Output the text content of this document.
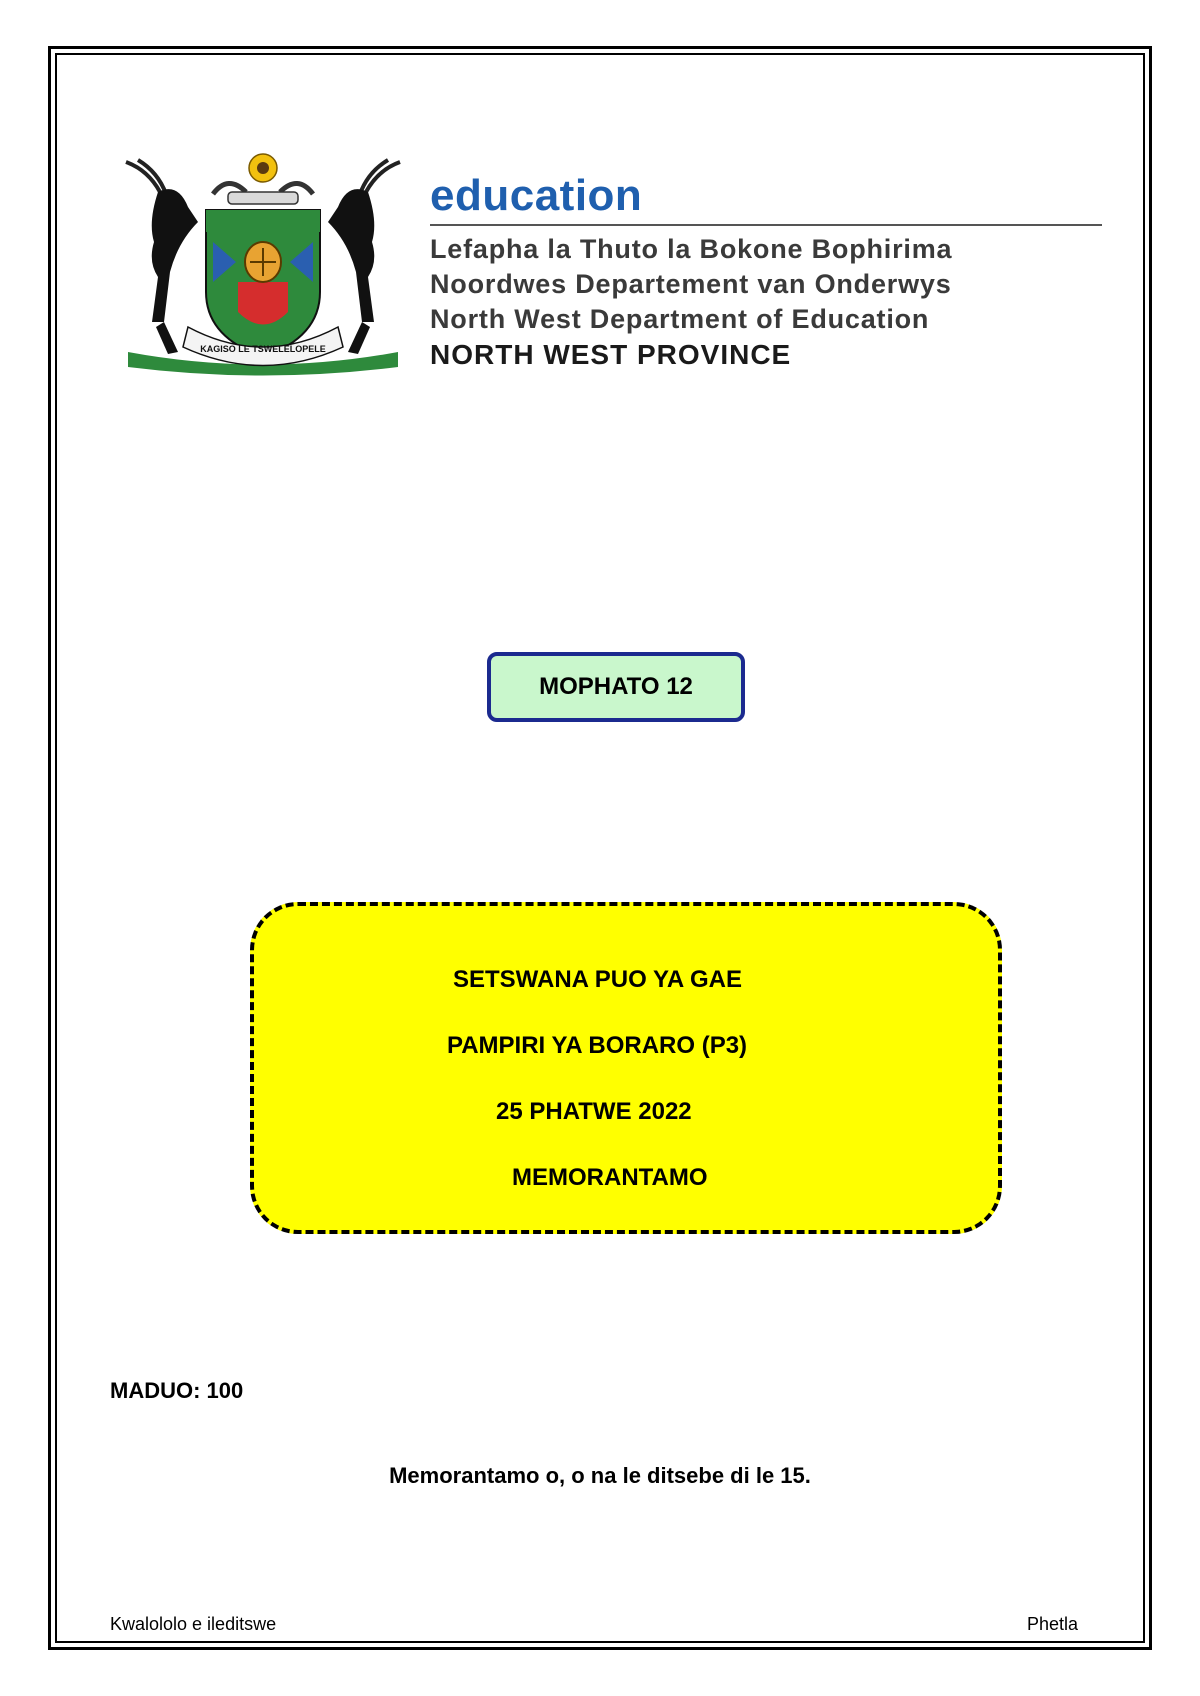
KAGISO LE TSWELELOPELE
education
Lefapha la Thuto la Bokone Bophirima
Noordwes Departement van Onderwys
North West Department of Education
NORTH WEST PROVINCE
MOPHATO 12
SETSWANA PUO YA GAE
PAMPIRI YA BORARO (P3)
25 PHATWE 2022
MEMORANTAMO
MADUO: 100
Memorantamo o, o na le ditsebe di le 15.
Kwalololo e ileditswe	Phetla
